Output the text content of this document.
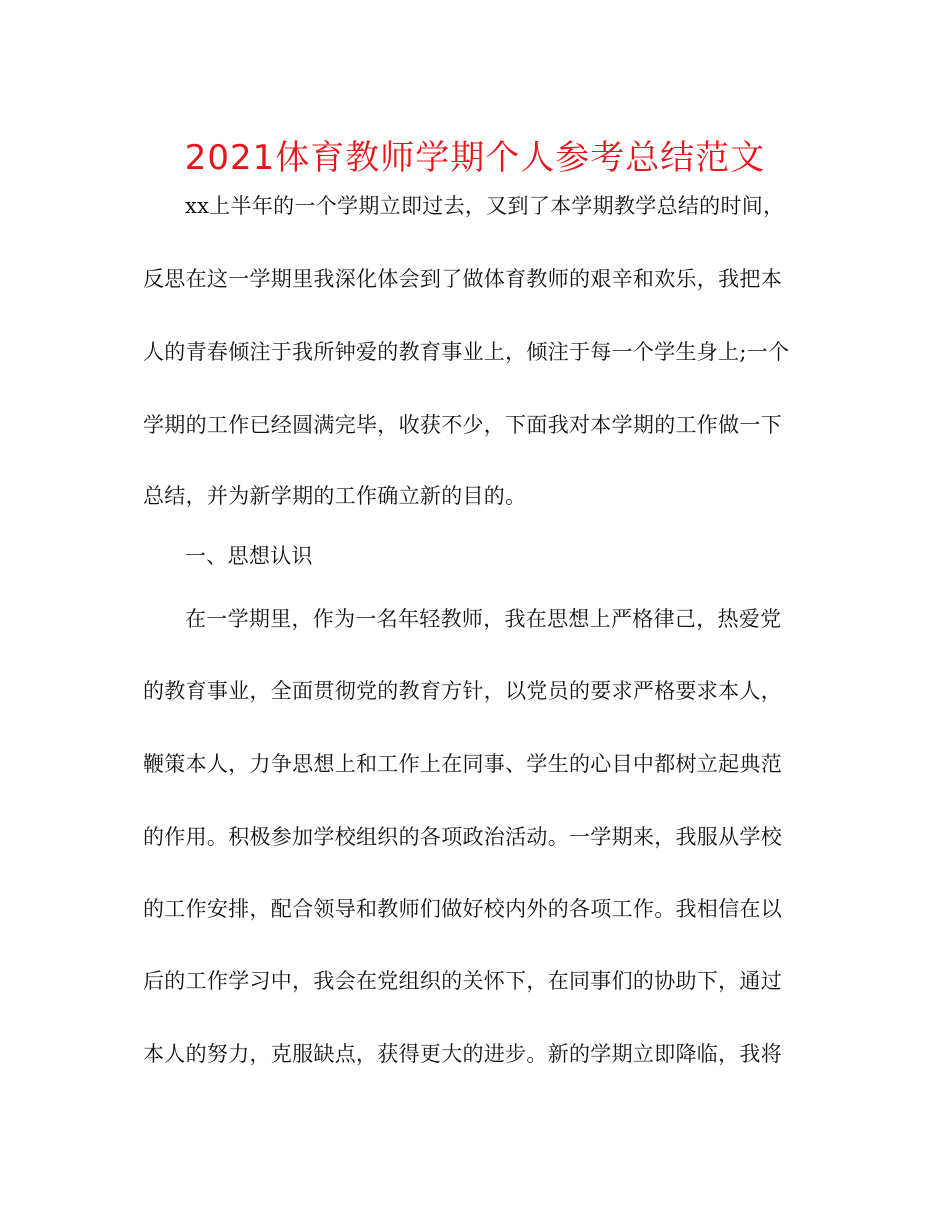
2021体育教师学期个人参考总结范文
xx上半年的一个学期立即过去，又到了本学期教学总结的时间，
反思在这一学期里我深化体会到了做体育教师的艰辛和欢乐，我把本
人的青春倾注于我所钟爱的教育事业上，倾注于每一个学生身上;一个
学期的工作已经圆满完毕，收获不少，下面我对本学期的工作做一下
总结，并为新学期的工作确立新的目的。
一、思想认识
在一学期里，作为一名年轻教师，我在思想上严格律己，热爱党
的教育事业，全面贯彻党的教育方针，以党员的要求严格要求本人，
鞭策本人，力争思想上和工作上在同事、学生的心目中都树立起典范
的作用。积极参加学校组织的各项政治活动。一学期来，我服从学校
的工作安排，配合领导和教师们做好校内外的各项工作。我相信在以
后的工作学习中，我会在党组织的关怀下，在同事们的协助下，通过
本人的努力，克服缺点，获得更大的进步。新的学期立即降临，我将
